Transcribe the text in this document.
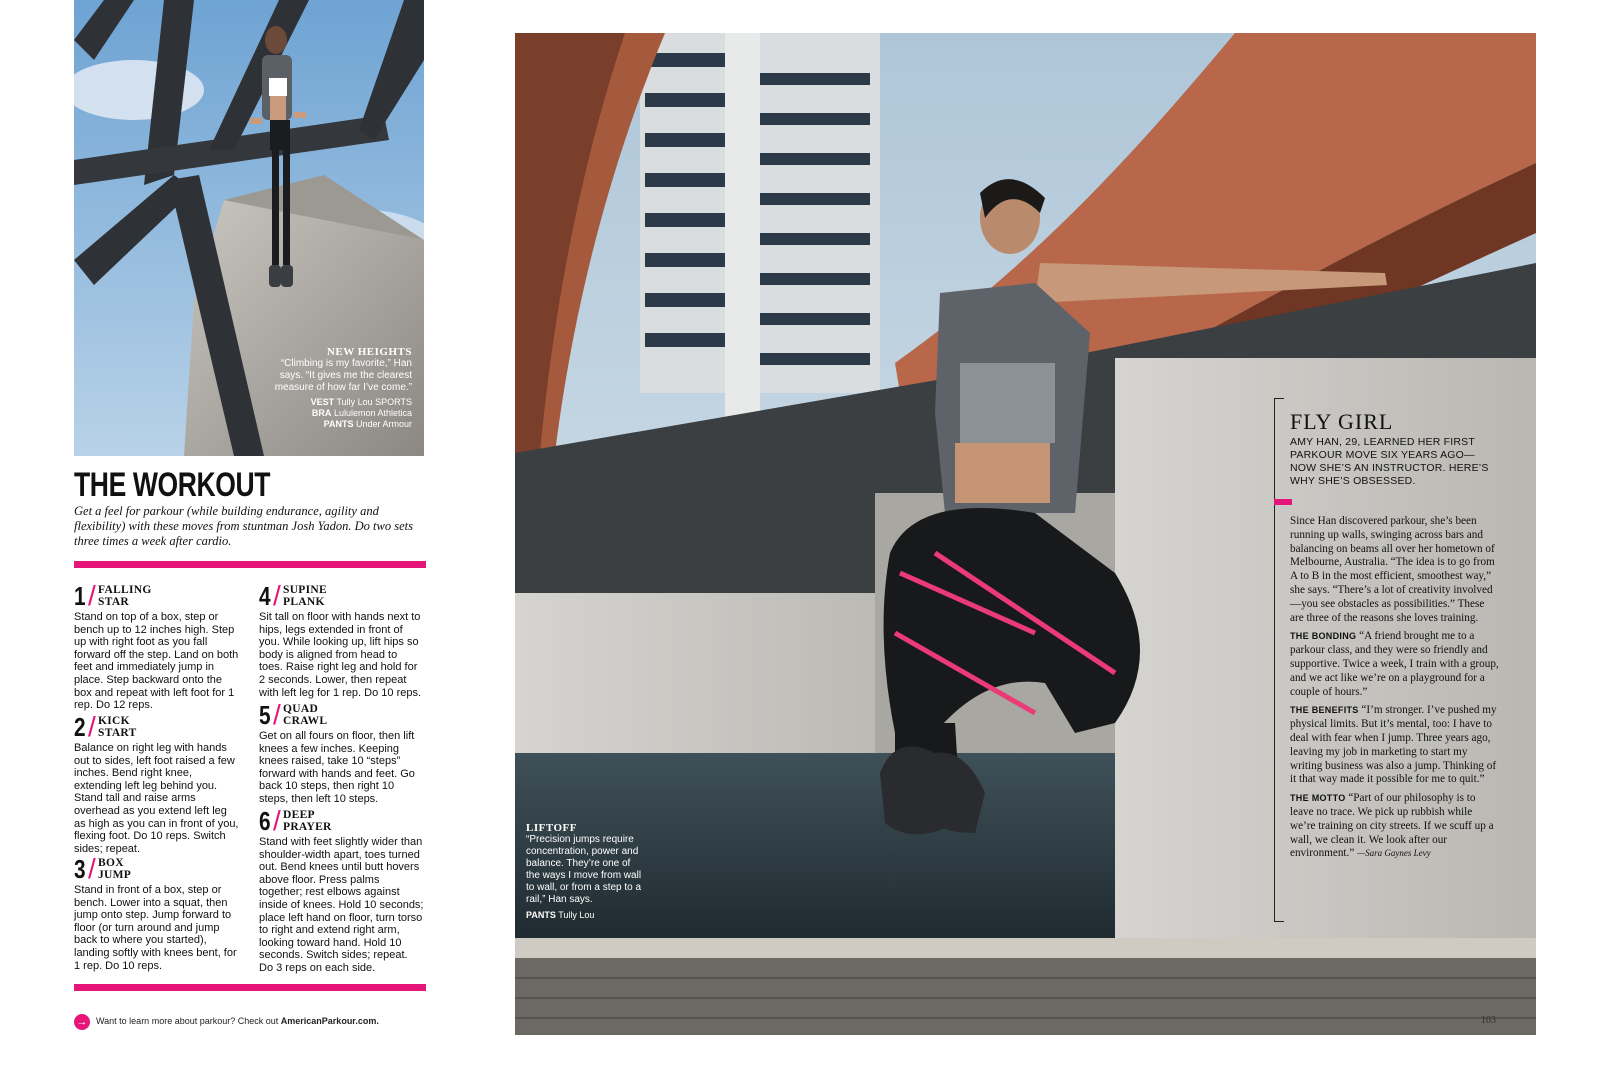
NEW HEIGHTS
“Climbing is my favorite,” Han says. “It gives me the clearest measure of how far I’ve come.”
VEST Tully Lou SPORTS
BRA Lululemon Athletica
PANTS Under Armour
THE WORKOUT
Get a feel for parkour (while building endurance, agility and flexibility) with these moves from stuntman Josh Yadon. Do two sets three times a week after cardio.
1 / FALLING
STAR
Stand on top of a box, step or bench up to 12 inches high. Step up with right foot as you fall forward off the step. Land on both feet and immediately jump in place. Step backward onto the box and repeat with left foot for 1 rep. Do 12 reps.
2 / KICK
START
Balance on right leg with hands out to sides, left foot raised a few inches. Bend right knee, extending left leg behind you. Stand tall and raise arms overhead as you extend left leg as high as you can in front of you, flexing foot. Do 10 reps. Switch sides; repeat.
3 / BOX
JUMP
Stand in front of a box, step or bench. Lower into a squat, then jump onto step. Jump forward to floor (or turn around and jump back to where you started), landing softly with knees bent, for 1 rep. Do 10 reps.
4 / SUPINE
PLANK
Sit tall on floor with hands next to hips, legs extended in front of you. While looking up, lift hips so body is aligned from head to toes. Raise right leg and hold for 2 seconds. Lower, then repeat with left leg for 1 rep. Do 10 reps.
5 / QUAD
CRAWL
Get on all fours on floor, then lift knees a few inches. Keeping knees raised, take 10 “steps” forward with hands and feet. Go back 10 steps, then right 10 steps, then left 10 steps.
6 / DEEP
PRAYER
Stand with feet slightly wider than shoulder-width apart, toes turned out. Bend knees until butt hovers above floor. Press palms together; rest elbows against inside of knees. Hold 10 seconds; place left hand on floor, turn torso to right and extend right arm, looking toward hand. Hold 10 seconds. Switch sides; repeat. Do 3 reps on each side.
→ Want to learn more about parkour? Check out AmericanParkour.com.
LIFTOFF
“Precision jumps require concentration, power and balance. They’re one of the ways I move from wall to wall, or from a step to a rail,” Han says.
PANTS Tully Lou
FLY GIRL
AMY HAN, 29, LEARNED HER FIRST PARKOUR MOVE SIX YEARS AGO—NOW SHE’S AN INSTRUCTOR. HERE’S WHY SHE’S OBSESSED.

Since Han discovered parkour, she’s been running up walls, swinging across bars and balancing on beams all over her hometown of Melbourne, Australia. “The idea is to go from A to B in the most efficient, smoothest way,” she says. “There’s a lot of creativity involved—you see obstacles as possibilities.” These are three of the reasons she loves training.

THE BONDING “A friend brought me to a parkour class, and they were so friendly and supportive. Twice a week, I train with a group, and we act like we’re on a playground for a couple of hours.”

THE BENEFITS “I’m stronger. I’ve pushed my physical limits. But it’s mental, too: I have to deal with fear when I jump. Three years ago, leaving my job in marketing to start my writing business was also a jump. Thinking of it that way made it possible for me to quit.”

THE MOTTO “Part of our philosophy is to leave no trace. We pick up rubbish while we’re training on city streets. If we scuff up a wall, we clean it. We look after our environment.” —Sara Gaynes Levy

103
